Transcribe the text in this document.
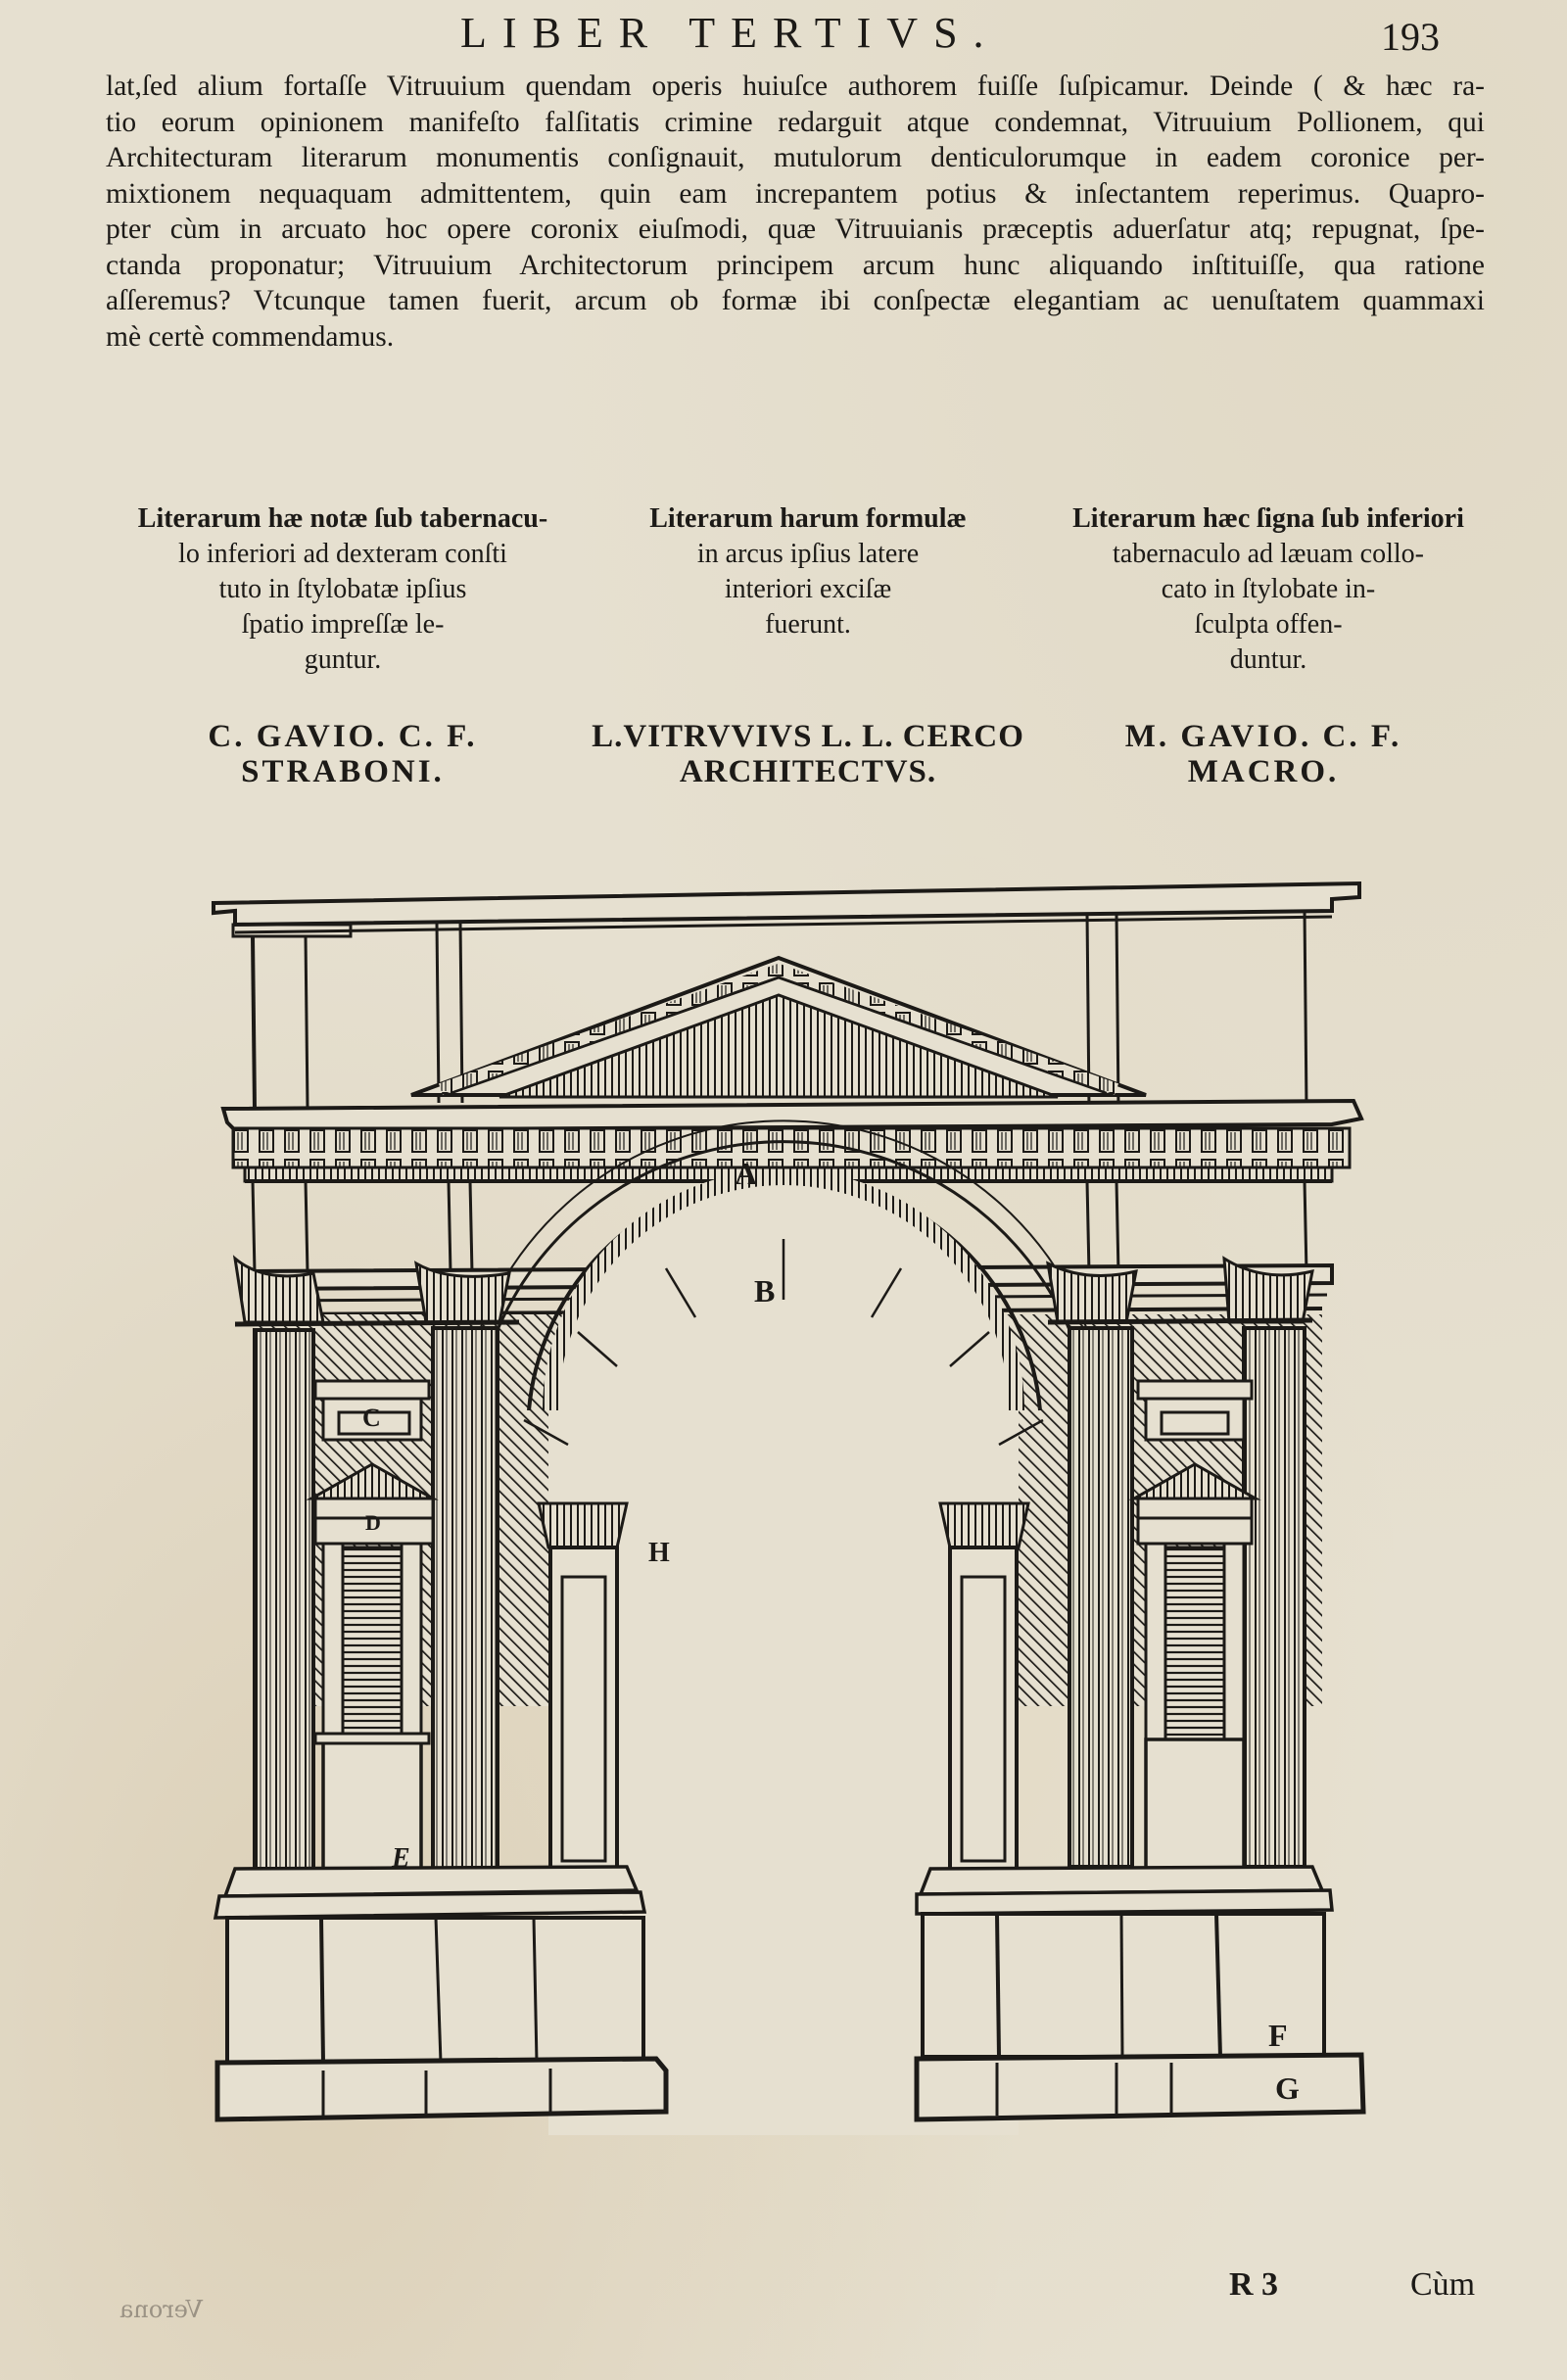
LIBER TERTIVS.	193
lat,ſed alium fortaſſe Vitruuium quendam operis huiuſce authorem fuiſſe ſuſpicamur. Deinde ( & hæc ra-
tio eorum opinionem manifeſto falſitatis crimine redarguit atque condemnat, Vitruuium Pollionem, qui
Architecturam literarum monumentis conſignauit, mutulorum denticulorumque in eadem coronice per-
mixtionem nequaquam admittentem, quin eam increpantem potius & inſectantem reperimus. Quapro-
pter cùm in arcuato hoc opere coronix eiuſmodi, quæ Vitruuianis præceptis aduerſatur atq; repugnat, ſpe-
ctanda proponatur; Vitruuium Architectorum principem arcum hunc aliquando inſtituiſſe, qua ratione
aſſeremus? Vtcunque tamen fuerit, arcum ob formæ ibi conſpectæ elegantiam ac uenuſtatem quammaxi
mè certè commendamus.
Literarum hæ notæ ſub tabernacu-
lo inferiori ad dexteram conſti
tuto in ſtylobatæ ipſius
ſpatio impreſſæ le-
guntur.
Literarum harum formulæ
in arcus ipſius latere
interiori exciſæ
fuerunt.
Literarum hæc ſigna ſub inferiori
tabernaculo ad læuam collo-
cato in ſtylobate in-
ſculpta offen-
duntur.
C. GAVIO. C. F.
STRABONI.
L.VITRVVIVS L. L. CERCO
ARCHITECTVS.
M. GAVIO. C. F.
MACRO.
A
B
C
D
E
F
G
H
R 3	Cùm
Verona
